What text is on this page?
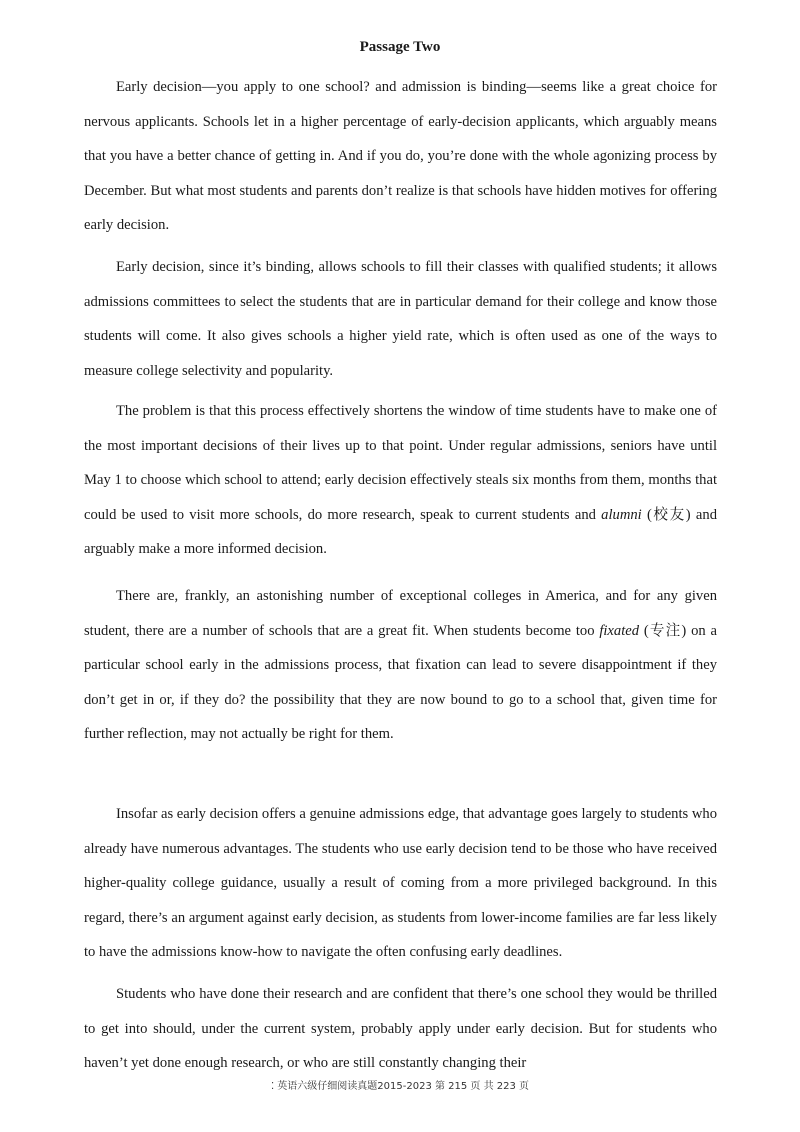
Passage Two

Early decision—you apply to one school? and admission is binding—seems like a great choice for nervous applicants. Schools let in a higher percentage of early-decision applicants, which arguably means that you have a better chance of getting in. And if you do, you’re done with the whole agonizing process by December. But what most students and parents don’t realize is that schools have hidden motives for offering early decision.

Early decision, since it’s binding, allows schools to fill their classes with qualified students; it allows admissions committees to select the students that are in particular demand for their college and know those students will come. It also gives schools a higher yield rate, which is often used as one of the ways to measure college selectivity and popularity.

The problem is that this process effectively shortens the window of time students have to make one of the most important decisions of their lives up to that point. Under regular admissions, seniors have until May 1 to choose which school to attend; early decision effectively steals six months from them, months that could be used to visit more schools, do more research, speak to current students and alumni (校友) and arguably make a more informed decision.

There are, frankly, an astonishing number of exceptional colleges in America, and for any given student, there are a number of schools that are a great fit. When students become too fixated (专注) on a particular school early in the admissions process, that fixation can lead to severe disappointment if they don’t get in or, if they do? the possibility that they are now bound to go to a school that, given time for further reflection, may not actually be right for them.

Insofar as early decision offers a genuine admissions edge, that advantage goes largely to students who already have numerous advantages. The students who use early decision tend to be those who have received higher-quality college guidance, usually a result of coming from a more privileged background. In this regard, there’s an argument against early decision, as students from lower-income families are far less likely to have the admissions know-how to navigate the often confusing early deadlines.

Students who have done their research and are confident that there’s one school they would be thrilled to get into should, under the current system, probably apply under early decision. But for students who haven’t yet done enough research, or who are still constantly changing their

⁚ 英语六级仔细阅读真题2015-2023 第 215 页 共 223 页
